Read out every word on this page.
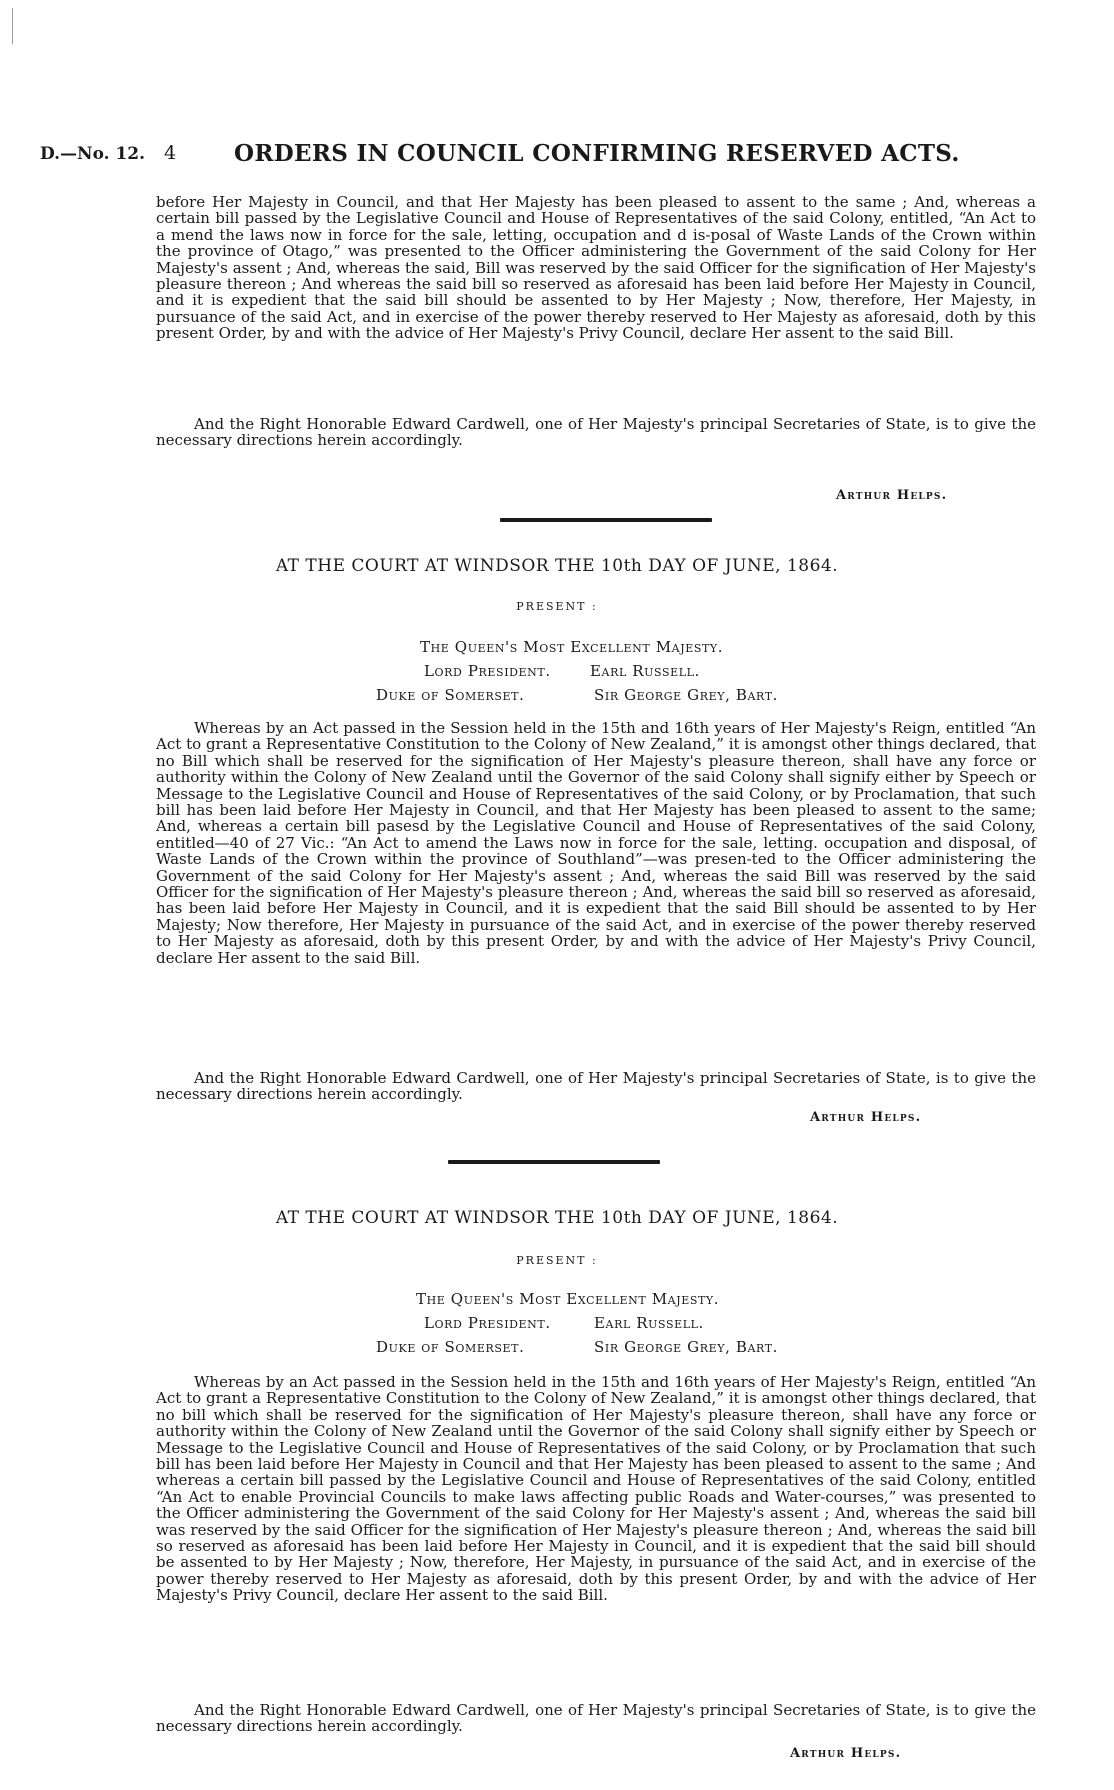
D.—No. 12. 4	ORDERS IN COUNCIL CONFIRMING RESERVED ACTS.

before Her Majesty in Council, and that Her Majesty has been pleased to assent to the same ; And, whereas a certain bill passed by the Legislative Council and House of Representatives of the said Colony, entitled, “An Act to a mend the laws now in force for the sale, letting, occupation and d is-posal of Waste Lands of the Crown within the province of Otago,” was presented to the Officer administering the Government of the said Colony for Her Majesty's assent ; And, whereas the said, Bill was reserved by the said Officer for the signification of Her Majesty's pleasure thereon ; And whereas the said bill so reserved as aforesaid has been laid before Her Majesty in Council, and it is expedient that the said bill should be assented to by Her Majesty ; Now, therefore, Her Majesty, in pursuance of the said Act, and in exercise of the power thereby reserved to Her Majesty as aforesaid, doth by this present Order, by and with the advice of Her Majesty's Privy Council, declare Her assent to the said Bill.

And the Right Honorable Edward Cardwell, one of Her Majesty's principal Secretaries of State, is to give the necessary directions herein accordingly.

Arthur Helps.
AT THE COURT AT WINDSOR THE 10th DAY OF JUNE, 1864.
PRESENT :
The Queen's Most Excellent Majesty.
Lord President.	Earl Russell.
Duke of Somerset.	Sir George Grey, Bart.

Whereas by an Act passed in the Session held in the 15th and 16th years of Her Majesty's Reign, entitled “An Act to grant a Representative Constitution to the Colony of New Zealand,” it is amongst other things declared, that no Bill which shall be reserved for the signification of Her Majesty's pleasure thereon, shall have any force or authority within the Colony of New Zealand until the Governor of the said Colony shall signify either by Speech or Message to the Legislative Council and House of Representatives of the said Colony, or by Proclamation, that such bill has been laid before Her Majesty in Council, and that Her Majesty has been pleased to assent to the same; And, whereas a certain bill pasesd by the Legislative Council and House of Representatives of the said Colony, entitled—40 of 27 Vic.: “An Act to amend the Laws now in force for the sale, letting. occupation and disposal, of Waste Lands of the Crown within the province of Southland”—was presen-ted to the Officer administering the Government of the said Colony for Her Majesty's assent ; And, whereas the said Bill was reserved by the said Officer for the signification of Her Majesty's pleasure thereon ; And, whereas the said bill so reserved as aforesaid, has been laid before Her Majesty in Council, and it is expedient that the said Bill should be assented to by Her Majesty; Now therefore, Her Majesty in pursuance of the said Act, and in exercise of the power thereby reserved to Her Majesty as aforesaid, doth by this present Order, by and with the advice of Her Majesty's Privy Council, declare Her assent to the said Bill.

And the Right Honorable Edward Cardwell, one of Her Majesty's principal Secretaries of State, is to give the necessary directions herein accordingly.

Arthur Helps.
AT THE COURT AT WINDSOR THE 10th DAY OF JUNE, 1864.
PRESENT :
The Queen's Most Excellent Majesty.
Lord President.	Earl Russell.
Duke of Somerset.	Sir George Grey, Bart.

Whereas by an Act passed in the Session held in the 15th and 16th years of Her Majesty's Reign, entitled “An Act to grant a Representative Constitution to the Colony of New Zealand,” it is amongst other things declared, that no bill which shall be reserved for the signification of Her Majesty's pleasure thereon, shall have any force or authority within the Colony of New Zealand until the Governor of the said Colony shall signify either by Speech or Message to the Legislative Council and House of Representatives of the said Colony, or by Proclamation that such bill has been laid before Her Majesty in Council and that Her Majesty has been pleased to assent to the same ; And whereas a certain bill passed by the Legislative Council and House of Representatives of the said Colony, entitled “An Act to enable Provincial Councils to make laws affecting public Roads and Water-courses,” was presented to the Officer administering the Government of the said Colony for Her Majesty's assent ; And, whereas the said bill was reserved by the said Officer for the signification of Her Majesty's pleasure thereon ; And, whereas the said bill so reserved as aforesaid has been laid before Her Majesty in Council, and it is expedient that the said bill should be assented to by Her Majesty ; Now, therefore, Her Majesty, in pursuance of the said Act, and in exercise of the power thereby reserved to Her Majesty as aforesaid, doth by this present Order, by and with the advice of Her Majesty's Privy Council, declare Her assent to the said Bill.

And the Right Honorable Edward Cardwell, one of Her Majesty's principal Secretaries of State, is to give the necessary directions herein accordingly.

Arthur Helps.
